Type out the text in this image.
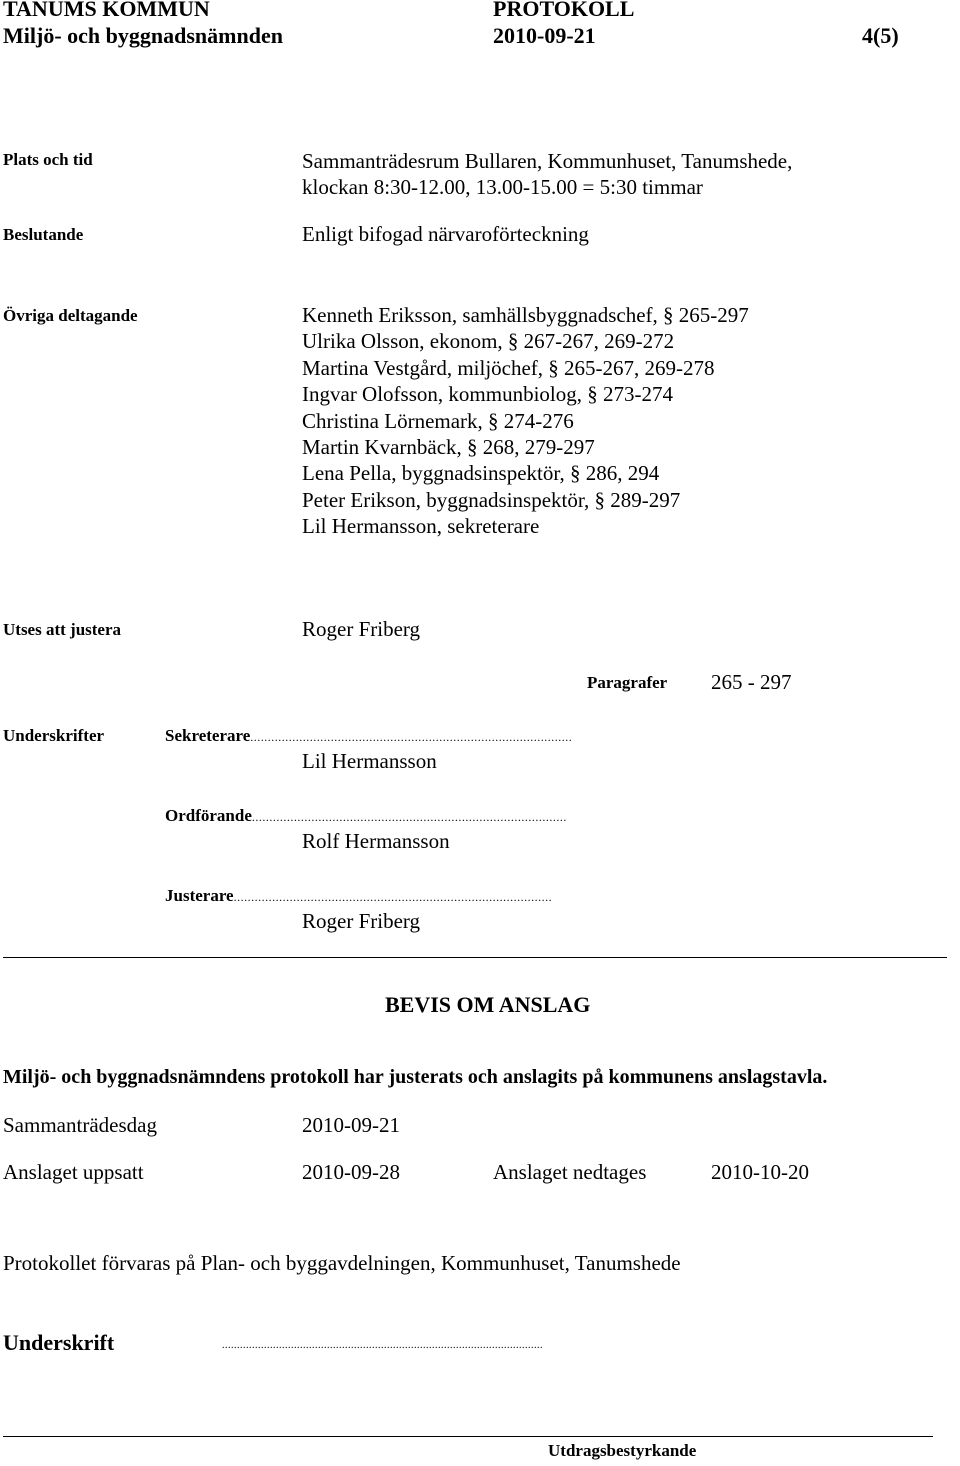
TANUMS KOMMUN
Miljö- och byggnadsnämnden
PROTOKOLL
2010-09-21	4(5)
Plats och tid	Sammanträdesrum Bullaren, Kommunhuset, Tanumshede,
klockan 8:30-12.00, 13.00-15.00 = 5:30 timmar
Beslutande	Enligt bifogad närvaroförteckning
Övriga deltagande	Kenneth Eriksson, samhällsbyggnadschef, § 265-297
Ulrika Olsson, ekonom, § 267-267, 269-272
Martina Vestgård, miljöchef, § 265-267, 269-278
Ingvar Olofsson, kommunbiolog, § 273-274
Christina Lörnemark, § 274-276
Martin Kvarnbäck, § 268, 279-297
Lena Pella, byggnadsinspektör, § 286, 294
Peter Erikson, byggnadsinspektör, § 289-297
Lil Hermansson, sekreterare
Utses att justera	Roger Friberg
Paragrafer 265 - 297
Underskrifter	Sekreterare............................................................................................
Lil Hermansson
Ordförande..........................................................................................
Rolf Hermansson
Justerare...........................................................................................
Roger Friberg
BEVIS OM ANSLAG
Miljö- och byggnadsnämndens protokoll har justerats och anslagits på kommunens anslagstavla.
Sammanträdesdag	2010-09-21
Anslaget uppsatt	2010-09-28	Anslaget nedtages	2010-10-20
Protokollet förvaras på Plan- och byggavdelningen, Kommunhuset, Tanumshede
Underskrift	...........................................................................................................
Utdragsbestyrkande
